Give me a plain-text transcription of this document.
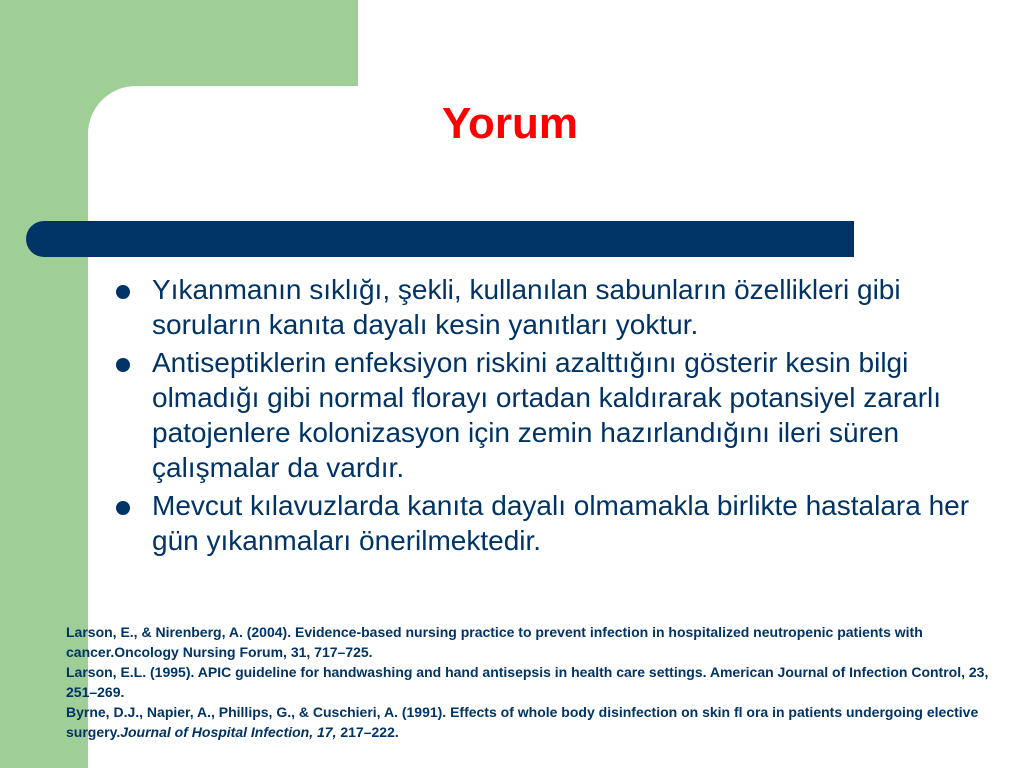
Yorum
Yıkanmanın sıklığı, şekli, kullanılan sabunların özellikleri gibi soruların kanıta dayalı kesin yanıtları yoktur.
Antiseptiklerin enfeksiyon riskini azalttığını gösterir kesin bilgi olmadığı gibi normal florayı ortadan kaldırarak potansiyel zararlı patojenlere kolonizasyon için zemin hazırlandığını ileri süren çalışmalar da vardır.
Mevcut kılavuzlarda kanıta dayalı olmamakla birlikte hastalara her gün yıkanmaları önerilmektedir.

Larson, E., & Nirenberg, A. (2004). Evidence-based nursing practice to prevent infection in hospitalized neutropenic patients with cancer.Oncology Nursing Forum, 31, 717–725.

Larson, E.L. (1995). APIC guideline for handwashing and hand antisepsis in health care settings. American Journal of Infection Control, 23, 251–269.

Byrne, D.J., Napier, A., Phillips, G., & Cuschieri, A. (1991). Effects of whole body disinfection on skin fl ora in patients undergoing elective surgery.Journal of Hospital Infection, 17, 217–222.
